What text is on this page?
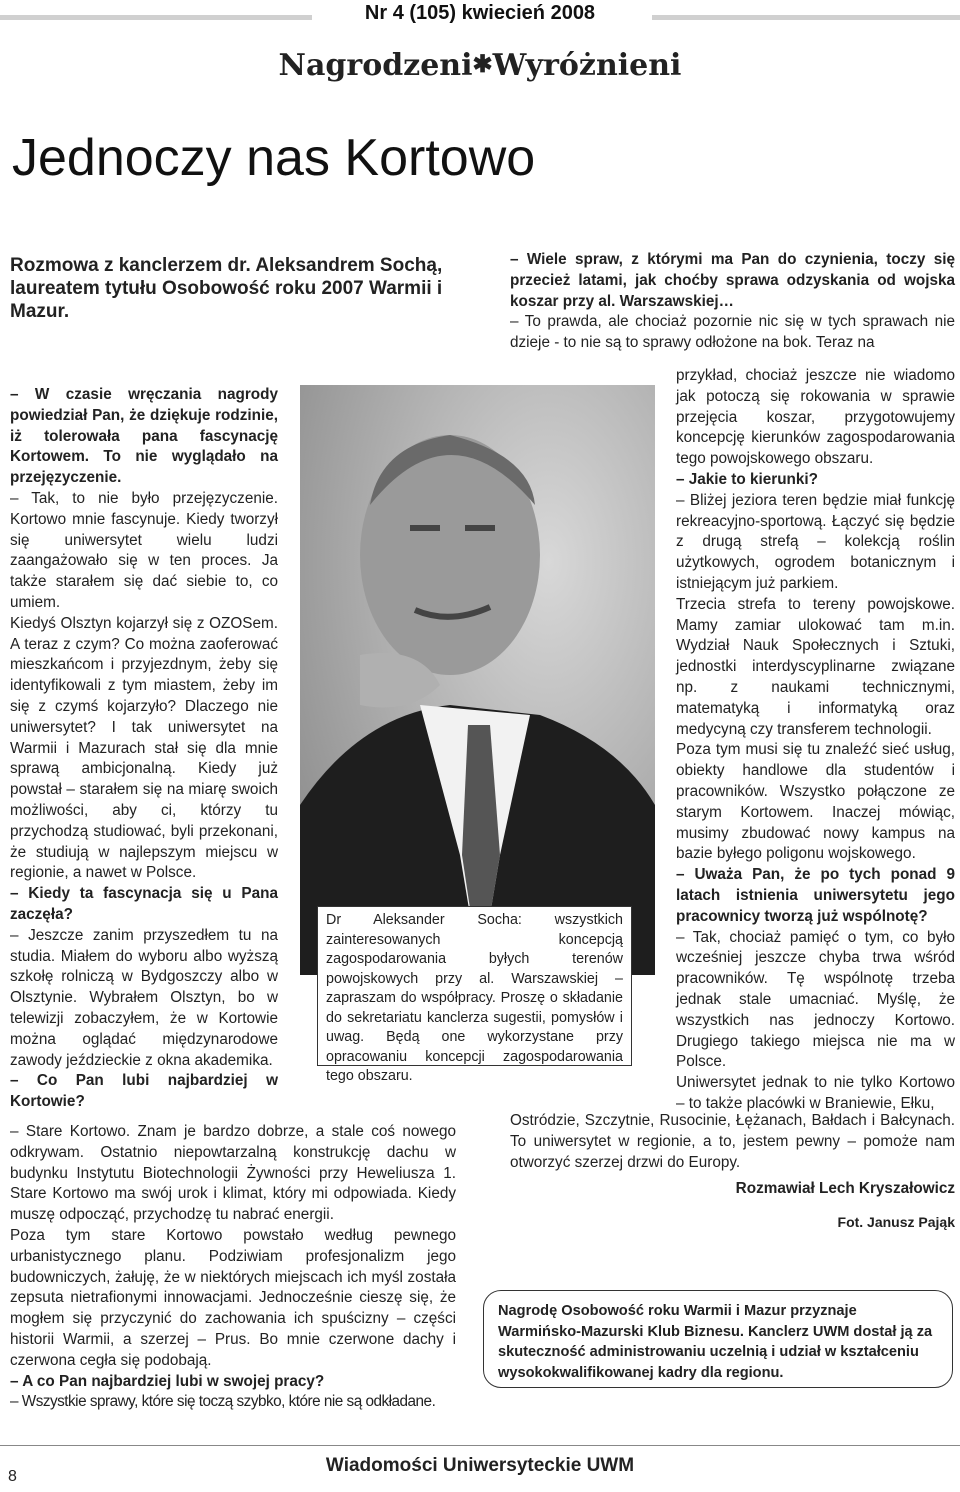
Nr 4 (105) kwiecień 2008
Nagrodzeni✱Wyróżnieni
Jednoczy nas Kortowo
Rozmowa z kanclerzem dr. Aleksandrem Sochą, laureatem tytułu Osobowość roku 2007 Warmii i Mazur.

– W czasie wręczania nagrody powiedział Pan, że dziękuje rodzinie, iż tolerowała pana fascynację Kortowem. To nie wyglądało na przejęzyczenie.

– Tak, to nie było przejęzyczenie. Kortowo mnie fascynuje. Kiedy tworzył się uniwersytet wielu ludzi zaangażowało się w ten proces. Ja także starałem się dać siebie to, co umiem.

Kiedyś Olsztyn kojarzył się z OZOSem. A teraz z czym? Co można zaoferować mieszkańcom i przyjezdnym, żeby się identyfikowali z tym miastem, żeby im się z czymś kojarzyło? Dlaczego nie uniwersytet? I tak uniwersytet na Warmii i Mazurach stał się dla mnie sprawą ambicjonalną. Kiedy już powstał – starałem się na miarę swoich możliwości, aby ci, którzy tu przychodzą studiować, byli przekonani, że studiują w najlepszym miejscu w regionie, a nawet w Polsce.

– Kiedy ta fascynacja się u Pana zaczęła?

– Jeszcze zanim przyszedłem tu na studia. Miałem do wyboru albo wyższą szkołę rolniczą w Bydgoszczy albo w Olsztynie. Wybrałem Olsztyn, bo w telewizji zobaczyłem, że w Kortowie można oglądać międzynarodowe zawody jeździeckie z okna akademika.

– Co Pan lubi najbardziej w Kortowie?

– Stare Kortowo. Znam je bardzo dobrze, a stale coś nowego odkrywam. Ostatnio niepowtarzalną konstrukcję dachu w budynku Instytutu Biotechnologii Żywności przy Heweliusza 1. Stare Kortowo ma swój urok i klimat, który mi odpowiada. Kiedy muszę odpocząć, przychodzę tu nabrać energii.

Poza tym stare Kortowo powstało według pewnego urbanistycznego planu. Podziwiam profesjonalizm jego budowniczych, żałuję, że w niektórych miejscach ich myśl została zepsuta nietrafionymi innowacjami. Jednocześnie cieszę się, że mogłem się przyczynić do zachowania ich spuścizny – części historii Warmii, a szerzej – Prus. Bo mnie czerwone dachy i czerwona cegła się podobają.

– A co Pan najbardziej lubi w swojej pracy?

– Wszystkie sprawy, które się toczą szybko, które nie są odkładane.

Dr Aleksander Socha: wszystkich zainteresowanych koncepcją zagospodarowania byłych terenów powojskowych przy al. Warszawskiej – zapraszam do współpracy. Proszę o składanie do sekretariatu kanclerza sugestii, pomysłów i uwag. Będą one wykorzystane przy opracowaniu koncepcji zagospodarowania tego obszaru.

– Wiele spraw, z którymi ma Pan do czynienia, toczy się przecież latami, jak choćby sprawa odzyskania od wojska koszar przy al. Warszawskiej…

– To prawda, ale chociaż pozornie nic się w tych sprawach nie dzieje - to nie są to sprawy odłożone na bok. Teraz na

przykład, chociaż jeszcze nie wiadomo jak potoczą się rokowania w sprawie przejęcia koszar, przygotowujemy koncepcję kierunków zagospodarowania tego powojskowego obszaru.

– Jakie to kierunki?

– Bliżej jeziora teren będzie miał funkcję rekreacyjno-sportową. Łączyć się będzie z drugą strefą – kolekcją roślin użytkowych, ogrodem botanicznym i istniejącym już parkiem.

Trzecia strefa to tereny powojskowe. Mamy zamiar ulokować tam m.in. Wydział Nauk Społecznych i Sztuki, jednostki interdyscyplinarne związane np. z naukami technicznymi, matematyką i informatyką oraz medycyną czy transferem technologii.

Poza tym musi się tu znaleźć sieć usług, obiekty handlowe dla studentów i pracowników. Wszystko połączone ze starym Kortowem. Inaczej mówiąc, musimy zbudować nowy kampus na bazie byłego poligonu wojskowego.

– Uważa Pan, że po tych ponad 9 latach istnienia uniwersytetu jego pracownicy tworzą już wspólnotę?

– Tak, chociaż pamięć o tym, co było wcześniej jeszcze chyba trwa wśród pracowników. Tę wspólnotę trzeba jednak stale umacniać. Myślę, że wszystkich nas jednoczy Kortowo. Drugiego takiego miejsca nie ma w Polsce.

Uniwersytet jednak to nie tylko Kortowo – to także placówki w Braniewie, Ełku,

Ostródzie, Szczytnie, Rusocinie, Łężanach, Bałdach i Bałcynach. To uniwersytet w regionie, a to, jestem pewny – pomoże nam otworzyć szerzej drzwi do Europy.

Rozmawiał Lech Kryszałowicz

Fot. Janusz Pająk

Nagrodę Osobowość roku Warmii i Mazur przyznaje Warmińsko-Mazurski Klub Biznesu. Kanclerz UWM dostał ją za skuteczność administrowaniu uczelnią i udział w kształceniu wysokokwalifikowanej kadry dla regionu.
8
Wiadomości Uniwersyteckie UWM
